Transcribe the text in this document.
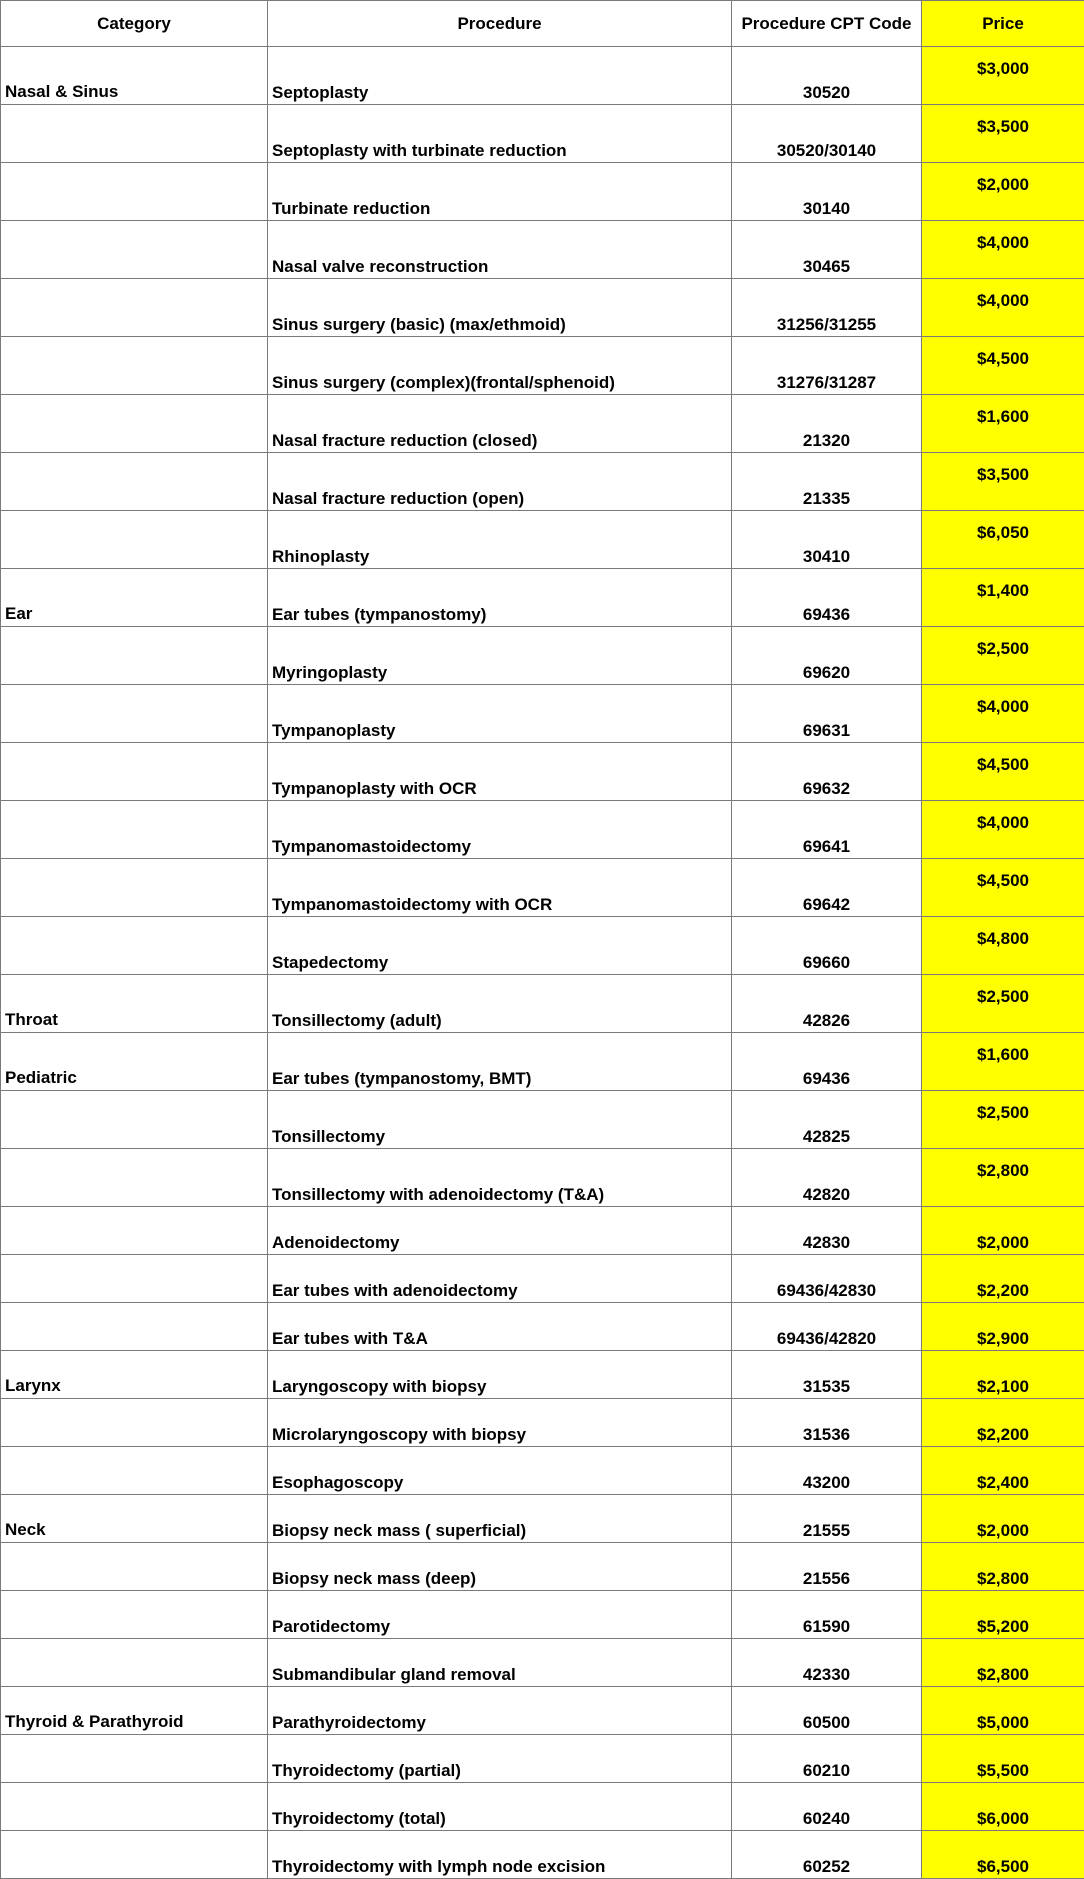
Category	Procedure	Procedure CPT Code	Price
Nasal & Sinus	Septoplasty	30520	$3,000
	Septoplasty with turbinate reduction	30520/30140	$3,500
	Turbinate reduction	30140	$2,000
	Nasal valve reconstruction	30465	$4,000
	Sinus surgery (basic) (max/ethmoid)	31256/31255	$4,000
	Sinus surgery (complex)(frontal/sphenoid)	31276/31287	$4,500
	Nasal fracture reduction (closed)	21320	$1,600
	Nasal fracture reduction (open)	21335	$3,500
	Rhinoplasty	30410	$6,050
Ear	Ear tubes (tympanostomy)	69436	$1,400
	Myringoplasty	69620	$2,500
	Tympanoplasty	69631	$4,000
	Tympanoplasty with OCR	69632	$4,500
	Tympanomastoidectomy	69641	$4,000
	Tympanomastoidectomy with OCR	69642	$4,500
	Stapedectomy	69660	$4,800
Throat	Tonsillectomy (adult)	42826	$2,500
Pediatric	Ear tubes (tympanostomy, BMT)	69436	$1,600
	Tonsillectomy	42825	$2,500
	Tonsillectomy with adenoidectomy (T&A)	42820	$2,800
	Adenoidectomy	42830	$2,000
	Ear tubes with adenoidectomy	69436/42830	$2,200
	Ear tubes with T&A	69436/42820	$2,900
Larynx	Laryngoscopy with biopsy	31535	$2,100
	Microlaryngoscopy with biopsy	31536	$2,200
	Esophagoscopy	43200	$2,400
Neck	Biopsy neck mass ( superficial)	21555	$2,000
	Biopsy neck mass (deep)	21556	$2,800
	Parotidectomy	61590	$5,200
	Submandibular gland removal	42330	$2,800
Thyroid & Parathyroid	Parathyroidectomy	60500	$5,000
	Thyroidectomy (partial)	60210	$5,500
	Thyroidectomy (total)	60240	$6,000
	Thyroidectomy with lymph node excision	60252	$6,500
